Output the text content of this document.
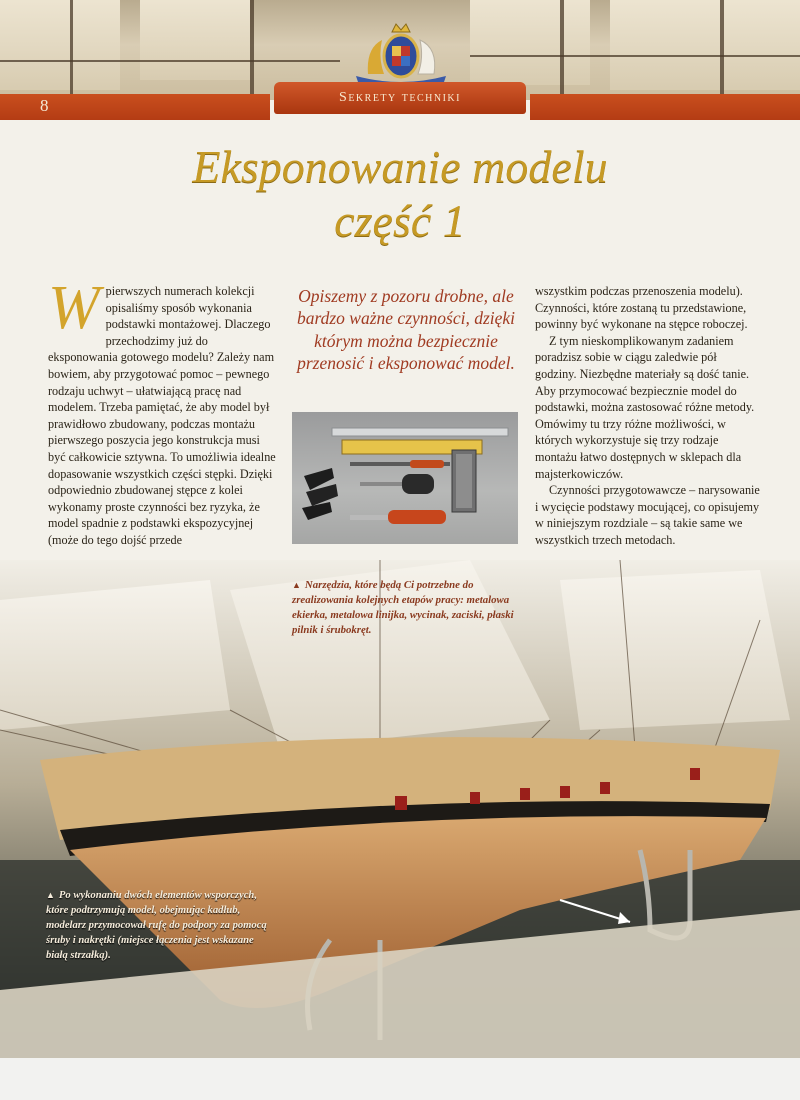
8	Sekrety techniki
Eksponowanie modelu
część 1

Wpierwszych numerach kolekcji opisaliśmy sposób wykonania podstawki montażowej. Dlaczego przechodzimy już do eksponowania gotowego modelu? Zależy nam bowiem, aby przygotować pomoc – pewnego rodzaju uchwyt – ułatwiającą pracę nad modelem. Trzeba pamiętać, że aby model był prawidłowo zbudowany, podczas montażu pierwszego poszycia jego konstrukcja musi być całkowicie sztywna. To umożliwia idealne dopasowanie wszystkich części stępki. Dzięki odpowiednio zbudowanej stępce z kolei wykonamy proste czynności bez ryzyka, że model spadnie z podstawki ekspozycyjnej (może do tego dojść przede

Opiszemy z pozoru drobne, ale bardzo ważne czynności, dzięki którym można bezpiecznie przenosić i eksponować model.

wszystkim podczas przenoszenia modelu). Czynności, które zostaną tu przedstawione, powinny być wykonane na stępce roboczej.

Z tym nieskomplikowanym zadaniem poradzisz sobie w ciągu zaledwie pół godziny. Niezbędne materiały są dość tanie. Aby przymocować bezpiecznie model do podstawki, można zastosować różne metody. Omówimy tu trzy różne możliwości, w których wykorzystuje się trzy rodzaje montażu łatwo dostępnych w sklepach dla majsterkowiczów.

Czynności przygotowawcze – narysowanie i wycięcie podstawy mocującej, co opisujemy w niniejszym rozdziale – są takie same we wszystkich trzech metodach.

▲ Narzędzia, które będą Ci potrzebne do zrealizowania kolejnych etapów pracy: metalowa ekierka, metalowa linijka, wycinak, zaciski, płaski pilnik i śrubokręt.
▲ Po wykonaniu dwóch elementów wsporczych, które podtrzymują model, obejmując kadłub, modelarz przymocował rufę do podpory za pomocą śruby i nakrętki (miejsce łączenia jest wskazane białą strzałką).
